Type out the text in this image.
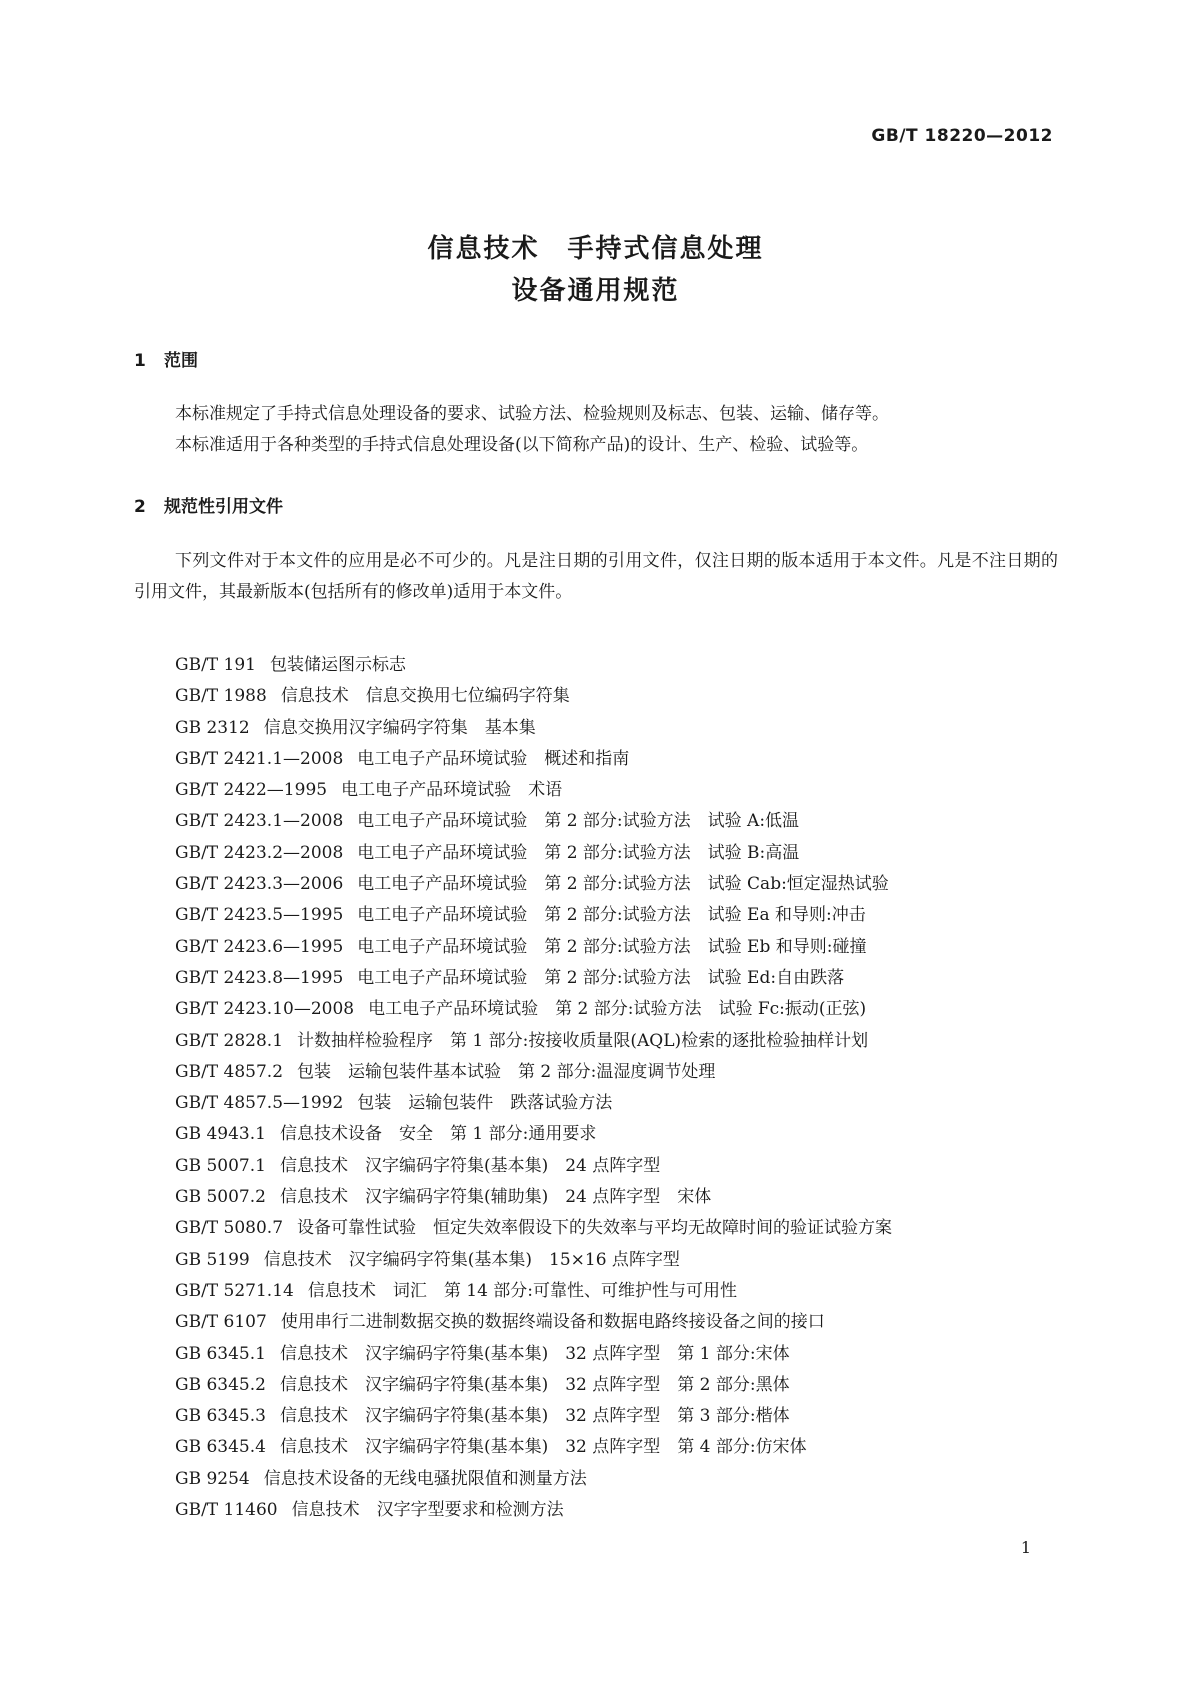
GB/T 18220—2012
信息技术　手持式信息处理
设备通用规范
1 范围

本标准规定了手持式信息处理设备的要求、试验方法、检验规则及标志、包装、运输、储存等。

本标准适用于各种类型的手持式信息处理设备(以下简称产品)的设计、生产、检验、试验等。

2 规范性引用文件

下列文件对于本文件的应用是必不可少的。凡是注日期的引用文件，仅注日期的版本适用于本文件。凡是不注日期的引用文件，其最新版本(包括所有的修改单)适用于本文件。

GB/T 191 包装储运图示标志
GB/T 1988 信息技术　信息交换用七位编码字符集
GB 2312 信息交换用汉字编码字符集　基本集
GB/T 2421.1—2008 电工电子产品环境试验　概述和指南
GB/T 2422—1995 电工电子产品环境试验　术语
GB/T 2423.1—2008 电工电子产品环境试验　第 2 部分:试验方法　试验 A:低温
GB/T 2423.2—2008 电工电子产品环境试验　第 2 部分:试验方法　试验 B:高温
GB/T 2423.3—2006 电工电子产品环境试验　第 2 部分:试验方法　试验 Cab:恒定湿热试验
GB/T 2423.5—1995 电工电子产品环境试验　第 2 部分:试验方法　试验 Ea 和导则:冲击
GB/T 2423.6—1995 电工电子产品环境试验　第 2 部分:试验方法　试验 Eb 和导则:碰撞
GB/T 2423.8—1995 电工电子产品环境试验　第 2 部分:试验方法　试验 Ed:自由跌落
GB/T 2423.10—2008 电工电子产品环境试验　第 2 部分:试验方法　试验 Fc:振动(正弦)
GB/T 2828.1 计数抽样检验程序　第 1 部分:按接收质量限(AQL)检索的逐批检验抽样计划
GB/T 4857.2 包装　运输包装件基本试验　第 2 部分:温湿度调节处理
GB/T 4857.5—1992 包装　运输包装件　跌落试验方法
GB 4943.1 信息技术设备　安全　第 1 部分:通用要求
GB 5007.1 信息技术　汉字编码字符集(基本集)　24 点阵字型
GB 5007.2 信息技术　汉字编码字符集(辅助集)　24 点阵字型　宋体
GB/T 5080.7 设备可靠性试验　恒定失效率假设下的失效率与平均无故障时间的验证试验方案
GB 5199 信息技术　汉字编码字符集(基本集)　15×16 点阵字型
GB/T 5271.14 信息技术　词汇　第 14 部分:可靠性、可维护性与可用性
GB/T 6107 使用串行二进制数据交换的数据终端设备和数据电路终接设备之间的接口
GB 6345.1 信息技术　汉字编码字符集(基本集)　32 点阵字型　第 1 部分:宋体
GB 6345.2 信息技术　汉字编码字符集(基本集)　32 点阵字型　第 2 部分:黑体
GB 6345.3 信息技术　汉字编码字符集(基本集)　32 点阵字型　第 3 部分:楷体
GB 6345.4 信息技术　汉字编码字符集(基本集)　32 点阵字型　第 4 部分:仿宋体
GB 9254 信息技术设备的无线电骚扰限值和测量方法
GB/T 11460 信息技术　汉字字型要求和检测方法
1
